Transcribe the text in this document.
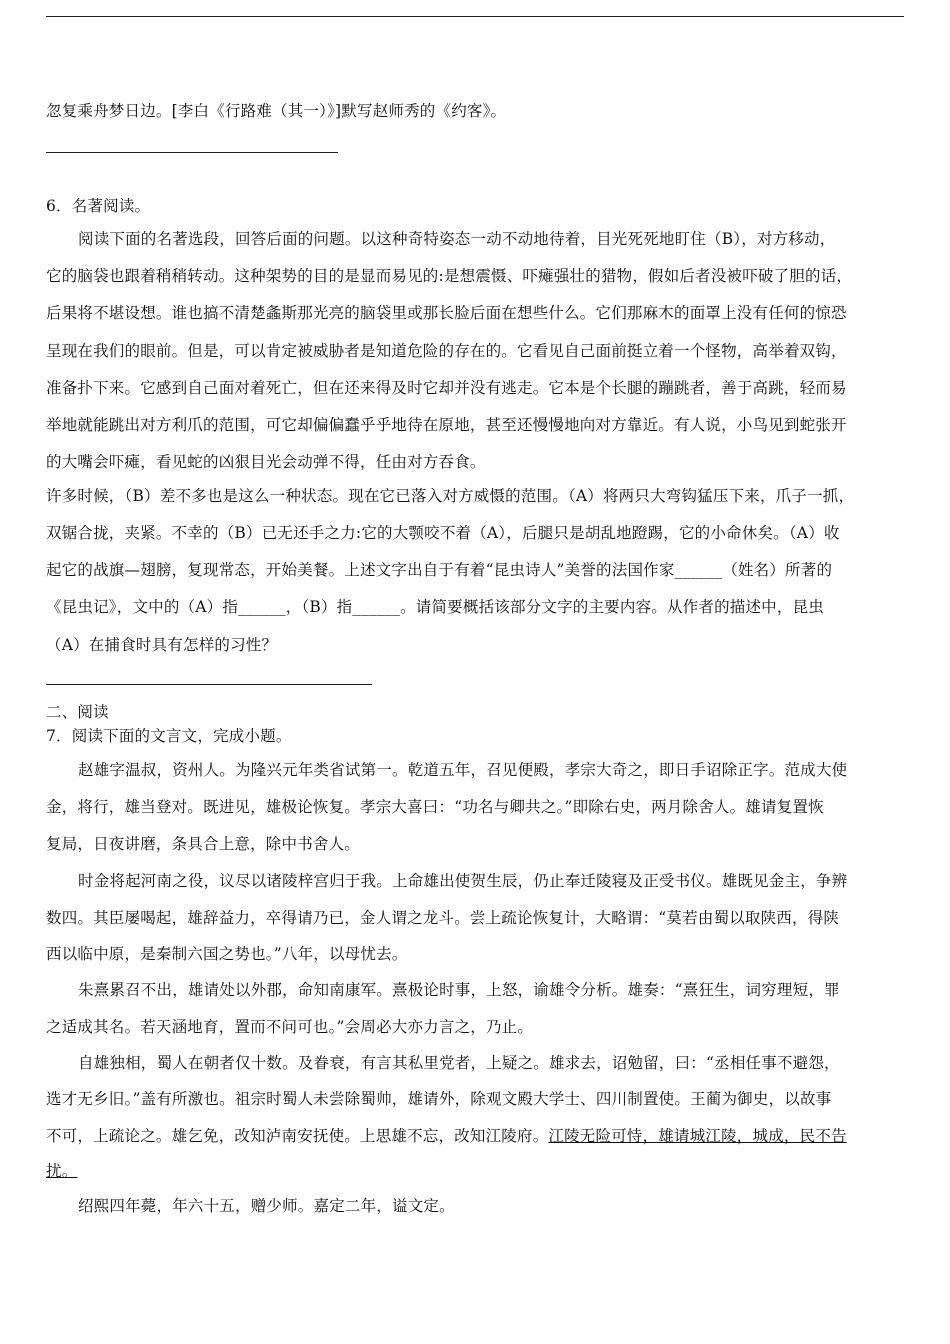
忽复乘舟梦日边。[李白《行路难（其一）》]默写赵师秀的《约客》。
6．名著阅读。
阅读下面的名著选段，回答后面的问题。以这种奇特姿态一动不动地待着，目光死死地盯住（B），对方移动，
它的脑袋也跟着稍稍转动。这种架势的目的是显而易见的:是想震慑、吓瘫强壮的猎物，假如后者没被吓破了胆的话，
后果将不堪设想。谁也搞不清楚螽斯那光亮的脑袋里或那长脸后面在想些什么。它们那麻木的面罩上没有任何的惊恐
呈现在我们的眼前。但是，可以肯定被威胁者是知道危险的存在的。它看见自己面前挺立着一个怪物，高举着双钩，
准备扑下来。它感到自己面对着死亡，但在还来得及时它却并没有逃走。它本是个长腿的蹦跳者，善于高跳，轻而易
举地就能跳出对方利爪的范围，可它却偏偏蠢乎乎地待在原地，甚至还慢慢地向对方靠近。有人说，小鸟见到蛇张开
的大嘴会吓瘫，看见蛇的凶狠目光会动弹不得，任由对方吞食。
许多时候，（B）差不多也是这么一种状态。现在它已落入对方威慑的范围。（A）将两只大弯钩猛压下来，爪子一抓，
双锯合拢，夹紧。不幸的（B）已无还手之力:它的大颚咬不着（A），后腿只是胡乱地蹬踢，它的小命休矣。（A）收
起它的战旗—翅膀，复现常态，开始美餐。上述文字出自于有着“昆虫诗人”美誉的法国作家______（姓名）所著的
《昆虫记》，文中的（A）指______，（B）指______。请简要概括该部分文字的主要内容。从作者的描述中，昆虫
（A）在捕食时具有怎样的习性？
二、阅读
7．阅读下面的文言文，完成小题。
赵雄字温叔，资州人。为隆兴元年类省试第一。乾道五年，召见便殿，孝宗大奇之，即日手诏除正字。范成大使
金，将行，雄当登对。既进见，雄极论恢复。孝宗大喜曰：“功名与卿共之。”即除右史，两月除舍人。雄请复置恢
复局，日夜讲磨，条具合上意，除中书舍人。
时金将起河南之役，议尽以诸陵梓宫归于我。上命雄出使贺生辰，仍止奉迁陵寝及正受书仪。雄既见金主，争辨
数四。其臣屡喝起，雄辞益力，卒得请乃已，金人谓之龙斗。尝上疏论恢复计，大略谓：“莫若由蜀以取陕西，得陕
西以临中原，是秦制六国之势也。”八年，以母忧去。
朱熹累召不出，雄请处以外郡，命知南康军。熹极论时事，上怒，谕雄令分析。雄奏：“熹狂生，词穷理短，罪
之适成其名。若天涵地育，置而不问可也。”会周必大亦力言之，乃止。
自雄独相，蜀人在朝者仅十数。及眷衰，有言其私里党者，上疑之。雄求去，诏勉留，曰：“丞相任事不避怨，
选才无乡旧。”盖有所激也。祖宗时蜀人未尝除蜀帅，雄请外，除观文殿大学士、四川制置使。王蔺为御史，以故事
不可，上疏论之。雄乞免，改知泸南安抚使。上思雄不忘，改知江陵府。江陵无险可恃，雄请城江陵，城成，民不告
扰。
绍熙四年薨，年六十五，赠少师。嘉定二年，谥文定。
